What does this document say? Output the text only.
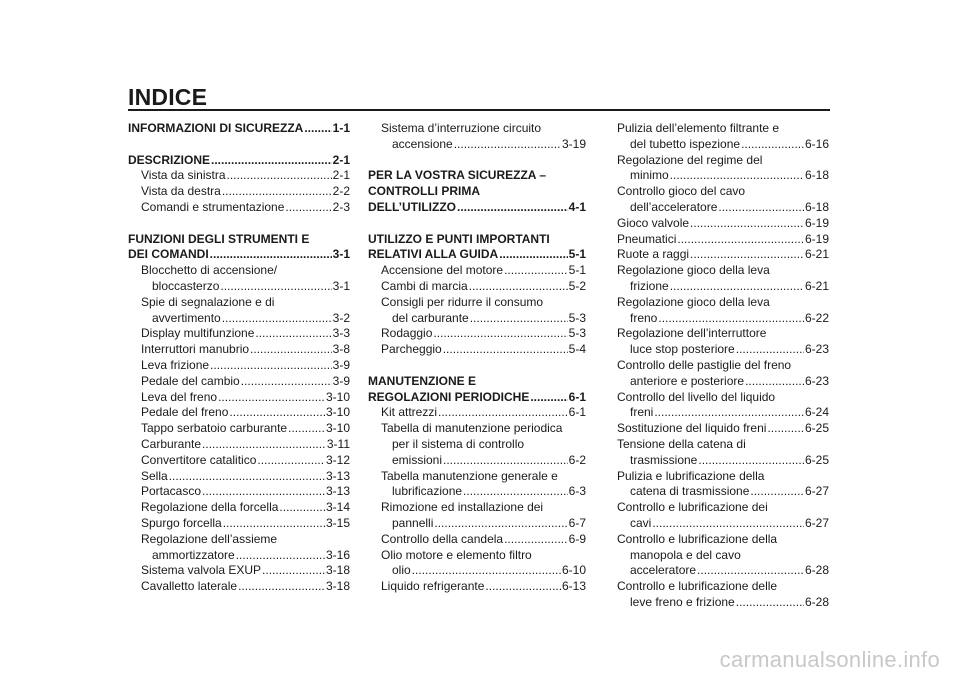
INDICE
INFORMAZIONI DI SICUREZZA ..... 1-1
DESCRIZIONE .....	2-1
Vista da sinistra .....	2-1
Vista da destra .....	2-2
Comandi e strumentazione .....	2-3
FUNZIONI DEGLI STRUMENTI E
DEI COMANDI .....	3-1
Blocchetto di accensione/
bloccasterzo .....	3-1
Spie di segnalazione e di
avvertimento .....	3-2
Display multifunzione .....	3-3
Interruttori manubrio .....	3-8
Leva frizione .....	3-9
Pedale del cambio .....	3-9
Leva del freno .....	3-10
Pedale del freno .....	3-10
Tappo serbatoio carburante .....	3-10
Carburante .....	3-11
Convertitore catalitico .....	3-12
Sella .....	3-13
Portacasco .....	3-13
Regolazione della forcella .....	3-14
Spurgo forcella .....	3-15
Regolazione dell’assieme
ammortizzatore .....	3-16
Sistema valvola EXUP .....	3-18
Cavalletto laterale .....	3-18
Sistema d’interruzione circuito
accensione .....	3-19
PER LA VOSTRA SICUREZZA –
CONTROLLI PRIMA
DELL’UTILIZZO .....	4-1
UTILIZZO E PUNTI IMPORTANTI
RELATIVI ALLA GUIDA .....	5-1
Accensione del motore .....	5-1
Cambi di marcia .....	5-2
Consigli per ridurre il consumo
del carburante .....	5-3
Rodaggio .....	5-3
Parcheggio .....	5-4
MANUTENZIONE E
REGOLAZIONI PERIODICHE .....	6-1
Kit attrezzi .....	6-1
Tabella di manutenzione periodica
per il sistema di controllo
emissioni .....	6-2
Tabella manutenzione generale e
lubrificazione .....	6-3
Rimozione ed installazione dei
pannelli .....	6-7
Controllo della candela .....	6-9
Olio motore e elemento filtro
olio .....	6-10
Liquido refrigerante .....	6-13
Pulizia dell’elemento filtrante e
del tubetto ispezione .....	6-16
Regolazione del regime del
minimo .....	6-18
Controllo gioco del cavo
dell’acceleratore .....	6-18
Gioco valvole .....	6-19
Pneumatici .....	6-19
Ruote a raggi .....	6-21
Regolazione gioco della leva
frizione .....	6-21
Regolazione gioco della leva
freno .....	6-22
Regolazione dell’interruttore
luce stop posteriore .....	6-23
Controllo delle pastiglie del freno
anteriore e posteriore .....	6-23
Controllo del livello del liquido
freni .....	6-24
Sostituzione del liquido freni .....	6-25
Tensione della catena di
trasmissione .....	6-25
Pulizia e lubrificazione della
catena di trasmissione .....	6-27
Controllo e lubrificazione dei
cavi .....	6-27
Controllo e lubrificazione della
manopola e del cavo
acceleratore .....	6-28
Controllo e lubrificazione delle
leve freno e frizione .....	6-28
carmanualsonline.info
